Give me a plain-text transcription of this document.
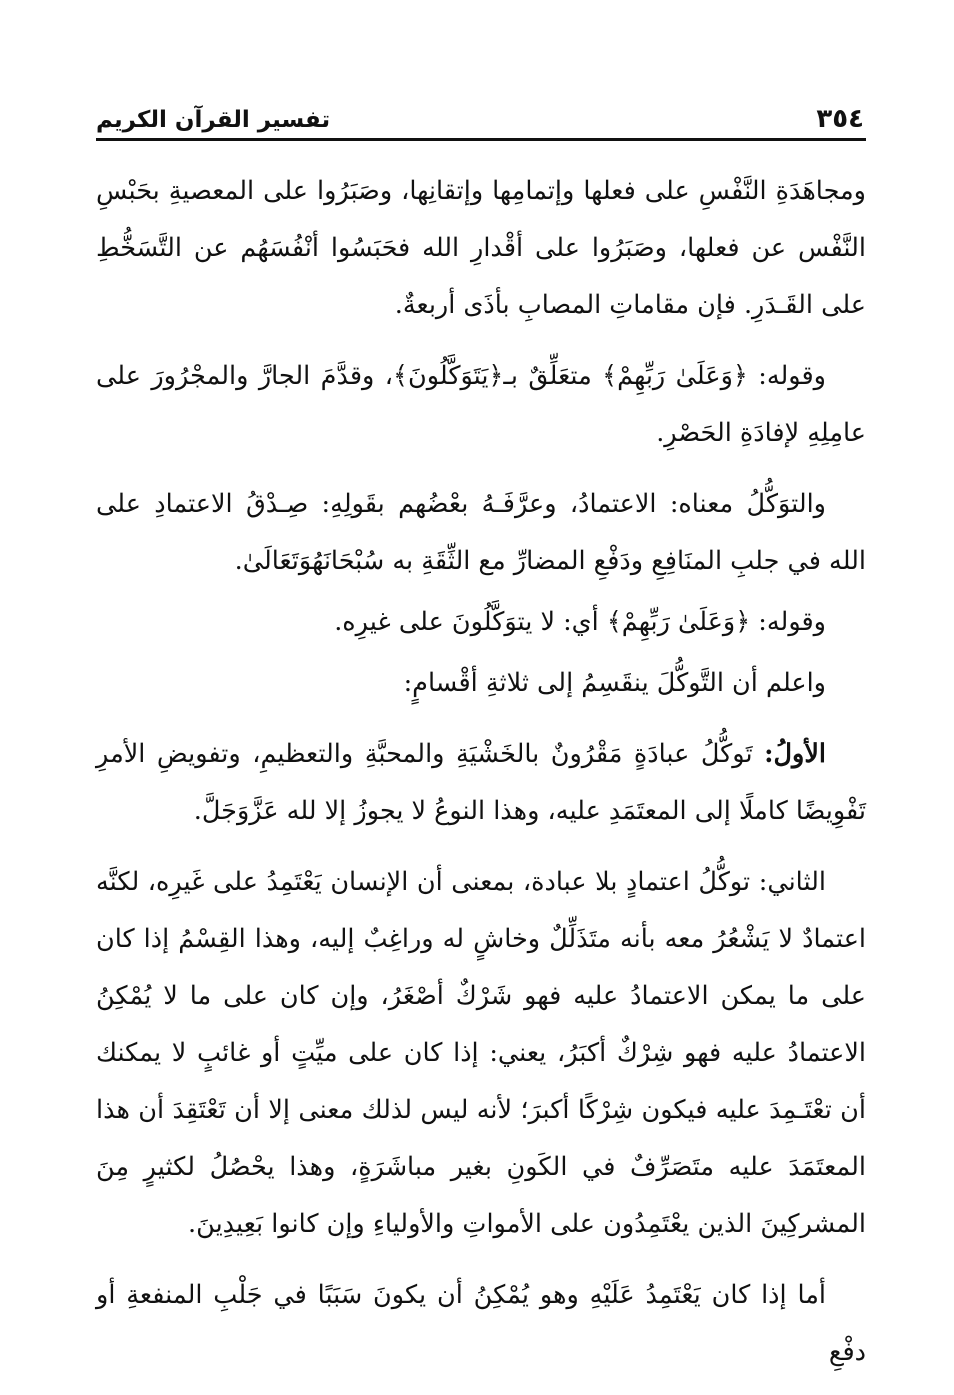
٣٥٤
تفسير القرآن الكريم

ومجاهَدَةِ النَّفْسِ على فعلها وإتمامِها وإتقانِها، وصَبَرُوا على المعصيةِ بحَبْسِ النَّفْس عن فعلها، وصَبَرُوا على أقْدارِ الله فحَبَسُوا أنْفُسَهُم عن التَّسَخُّطِ على القَـدَرِ. فإن مقاماتِ المصابِ بأذَى أربعةٌ.

وقوله: ﴿وَعَلَىٰ رَبِّهِمْ﴾ متعَلِّقٌ بـ﴿يَتَوَكَّلُونَ﴾، وقدَّمَ الجارَّ والمجْرُورَ على عامِلِهِ لإفادَةِ الحَصْرِ.

والتوَكُّلُ معناه: الاعتمادُ، وعرَّفَـهُ بعْضُهم بقَولِهِ: صِـدْقُ الاعتمادِ على الله في جلبِ المنَافِعِ ودَفْعِ المضارِّ مع الثِّقَةِ به سُبْحَانَهُوَتَعَالَىٰ.

وقوله: ﴿وَعَلَىٰ رَبِّهِمْ﴾ أي: لا يتوَكَّلُونَ على غيرِه.

واعلم أن التَّوكُّلَ ينقَسِمُ إلى ثلاثةِ أقْسامٍ:

الأولُ: تَوكُّلُ عبادَةٍ مَقْرُونٌ بالخَشْيَةِ والمحبَّةِ والتعظيمِ، وتفويضِ الأمرِ تَفْوِيضًا كاملًا إلى المعتَمَدِ عليه، وهذا النوعُ لا يجوزُ إلا لله عَزَّوَجَلَّ.

الثاني: توكُّلُ اعتمادٍ بلا عبادة، بمعنى أن الإنسان يَعْتَمِدُ على غَيرِه، لكنَّه اعتمادٌ لا يَشْعُرُ معه بأنه متَذَلِّلٌ وخاشٍ له وراغِبٌ إليه، وهذا القِسْمُ إذا كان على ما يمكن الاعتمادُ عليه فهو شَرْكٌ أصْغَرُ، وإن كان على ما لا يُمْكِنُ الاعتمادُ عليه فهو شِرْكٌ أكبَرُ، يعني: إذا كان على ميِّتٍ أو غائبٍ لا يمكنك أن تعْتَـمِدَ عليه فيكون شِرْكًا أكبرَ؛ لأنه ليس لذلك معنى إلا أن تَعْتَقِدَ أن هذا المعتَمَدَ عليه متَصَرِّفٌ في الكَونِ بغير مباشَرَةٍ، وهذا يحْصُلُ لكثيرٍ مِنَ المشركِينَ الذين يعْتَمِدُون على الأمواتِ والأولياءِ وإن كانوا بَعِيدِينَ.

أما إذا كان يَعْتَمِدُ عَلَيْهِ وهو يُمْكِنُ أن يكونَ سَبَبًا في جَلْبِ المنفعةِ أو دفْعِ
